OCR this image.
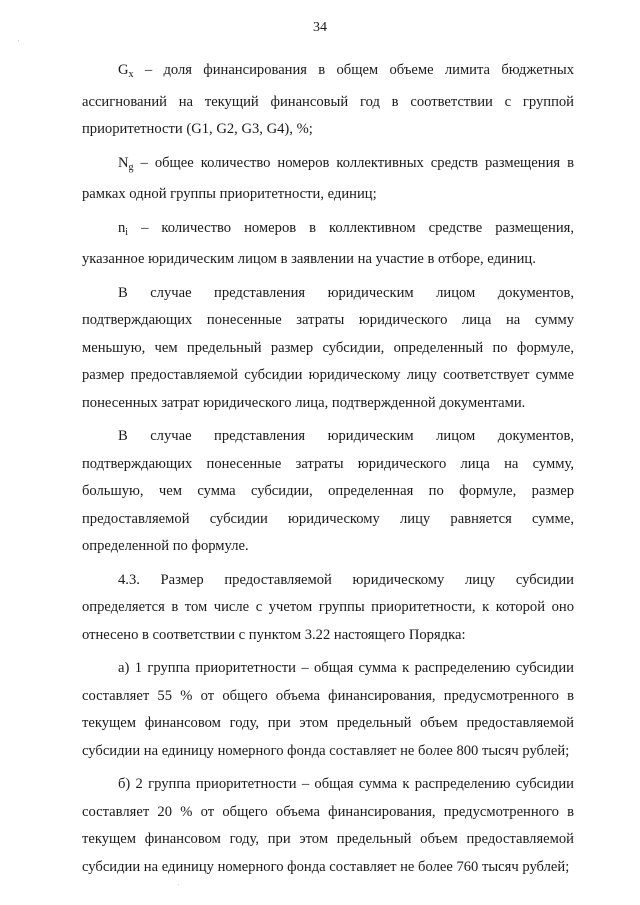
34

$G_x$ – доля финансирования в общем объеме лимита бюджетных ассигнований на текущий финансовый год в соответствии с группой приоритетности (G1, G2, G3, G4), %;

$N_g$ – общее количество номеров коллективных средств размещения в рамках одной группы приоритетности, единиц;

$n_i$ – количество номеров в коллективном средстве размещения, указанное юридическим лицом в заявлении на участие в отборе, единиц.

В случае представления юридическим лицом документов, подтверждающих понесенные затраты юридического лица на сумму меньшую, чем предельный размер субсидии, определенный по формуле, размер предоставляемой субсидии юридическому лицу соответствует сумме понесенных затрат юридического лица, подтвержденной документами.

В случае представления юридическим лицом документов, подтверждающих понесенные затраты юридического лица на сумму, большую, чем сумма субсидии, определенная по формуле, размер предоставляемой субсидии юридическому лицу равняется сумме, определенной по формуле.

4.3. Размер предоставляемой юридическому лицу субсидии определяется в том числе с учетом группы приоритетности, к которой оно отнесено в соответствии с пунктом 3.22 настоящего Порядка:

а) 1 группа приоритетности – общая сумма к распределению субсидии составляет 55 % от общего объема финансирования, предусмотренного в текущем финансовом году, при этом предельный объем предоставляемой субсидии на единицу номерного фонда составляет не более 800 тысяч рублей;

б) 2 группа приоритетности – общая сумма к распределению субсидии составляет 20 % от общего объема финансирования, предусмотренного в текущем финансовом году, при этом предельный объем предоставляемой субсидии на единицу номерного фонда составляет не более 760 тысяч рублей;
